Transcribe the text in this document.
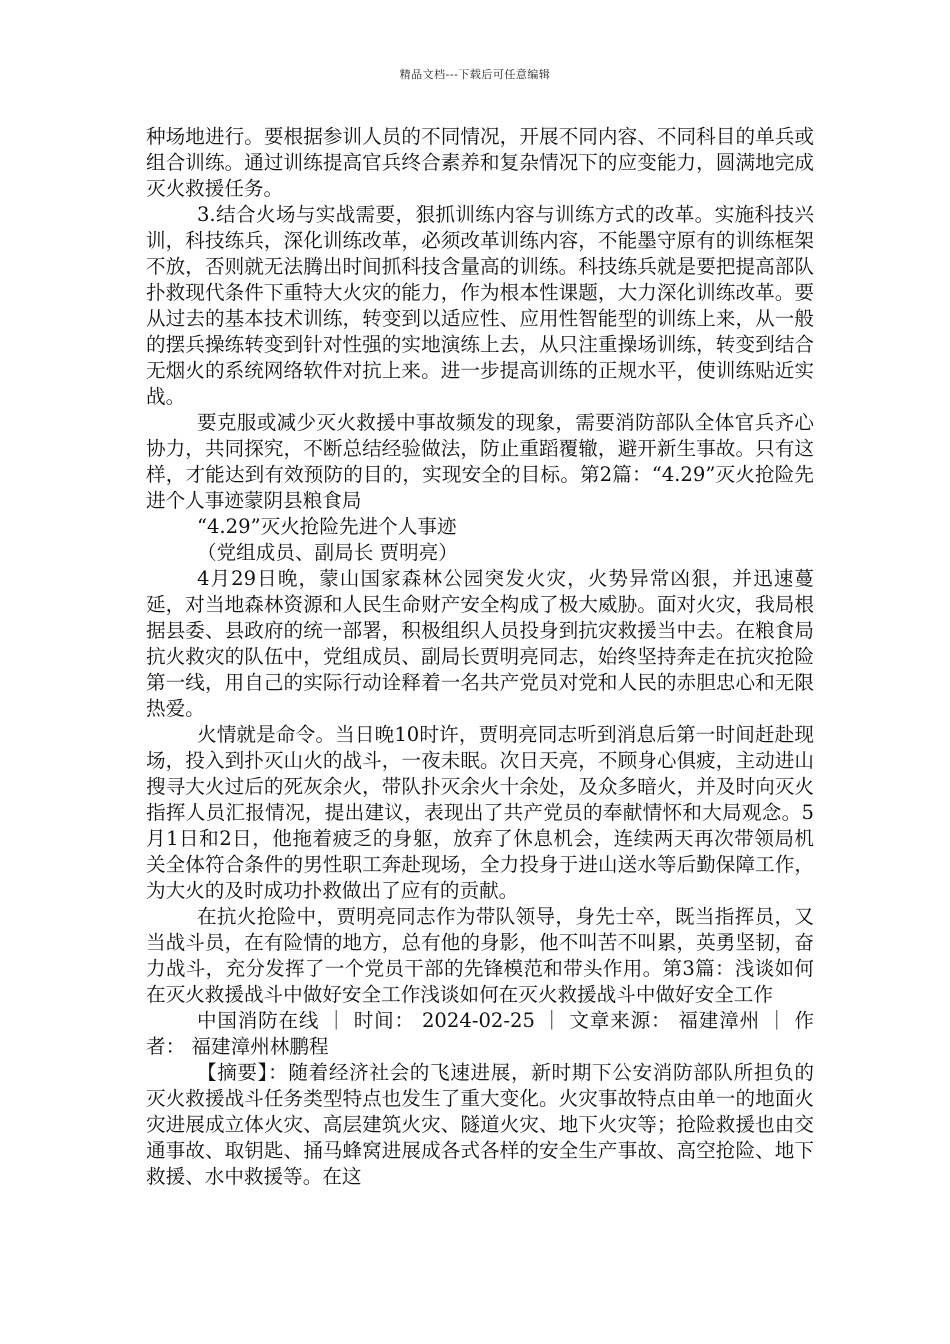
精品文档---下载后可任意编辑

种场地进行。要根据参训人员的不同情况，开展不同内容、不同科目的单兵或组合训练。通过训练提高官兵终合素养和复杂情况下的应变能力，圆满地完成灭火救援任务。

3.结合火场与实战需要，狠抓训练内容与训练方式的改革。实施科技兴训，科技练兵，深化训练改革，必须改革训练内容，不能墨守原有的训练框架不放，否则就无法腾出时间抓科技含量高的训练。科技练兵就是要把提高部队扑救现代条件下重特大火灾的能力，作为根本性课题，大力深化训练改革。要从过去的基本技术训练，转变到以适应性、应用性智能型的训练上来，从一般的摆兵操练转变到针对性强的实地演练上去，从只注重操场训练，转变到结合无烟火的系统网络软件对抗上来。进一步提高训练的正规水平，使训练贴近实战。

要克服或减少灭火救援中事故频发的现象，需要消防部队全体官兵齐心协力，共同探究，不断总结经验做法，防止重蹈覆辙，避开新生事故。只有这样，才能达到有效预防的目的，实现安全的目标。第2篇：“4.29”灭火抢险先进个人事迹蒙阴县粮食局

“4.29”灭火抢险先进个人事迹

（党组成员、副局长 贾明亮）

4月29日晚，蒙山国家森林公园突发火灾，火势异常凶狠，并迅速蔓延，对当地森林资源和人民生命财产安全构成了极大威胁。面对火灾，我局根据县委、县政府的统一部署，积极组织人员投身到抗灾救援当中去。在粮食局抗火救灾的队伍中，党组成员、副局长贾明亮同志，始终坚持奔走在抗灾抢险第一线，用自己的实际行动诠释着一名共产党员对党和人民的赤胆忠心和无限热爱。

火情就是命令。当日晚10时许，贾明亮同志听到消息后第一时间赶赴现场，投入到扑灭山火的战斗，一夜未眠。次日天亮，不顾身心俱疲，主动进山搜寻大火过后的死灰余火，带队扑灭余火十余处，及众多暗火，并及时向灭火指挥人员汇报情况，提出建议，表现出了共产党员的奉献情怀和大局观念。5月1日和2日，他拖着疲乏的身躯，放弃了休息机会，连续两天再次带领局机关全体符合条件的男性职工奔赴现场，全力投身于进山送水等后勤保障工作，为大火的及时成功扑救做出了应有的贡献。

在抗火抢险中，贾明亮同志作为带队领导，身先士卒，既当指挥员，又当战斗员，在有险情的地方，总有他的身影，他不叫苦不叫累，英勇坚韧，奋力战斗，充分发挥了一个党员干部的先锋模范和带头作用。第3篇：浅谈如何在灭火救援战斗中做好安全工作浅谈如何在灭火救援战斗中做好安全工作

中国消防在线 ｜ 时间： 2024-02-25 ｜ 文章来源： 福建漳州 ｜ 作者： 福建漳州林鹏程

【摘要】：随着经济社会的飞速进展，新时期下公安消防部队所担负的灭火救援战斗任务类型特点也发生了重大变化。火灾事故特点由单一的地面火灾进展成立体火灾、高层建筑火灾、隧道火灾、地下火灾等；抢险救援也由交通事故、取钥匙、捅马蜂窝进展成各式各样的安全生产事故、高空抢险、地下救援、水中救援等。在这
